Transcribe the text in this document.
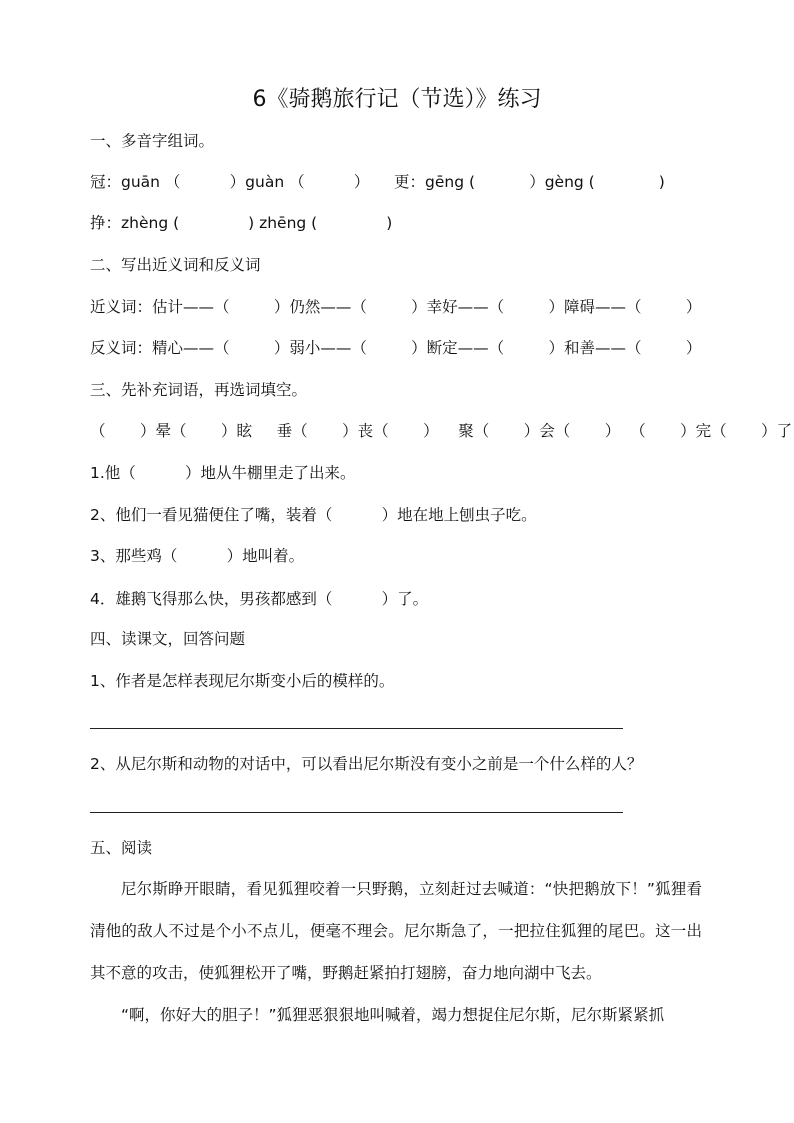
6《骑鹅旅行记（节选）》练习
一、多音字组词。
冠：guān （          ）guàn （          ）     更：gēng (           ）gèng (             )
挣：zhèng (              ) zhēng (              )
二、写出近义词和反义词
近义词：估计——（         ）仍然——（         ）幸好——（         ）障碍——（         ）
反义词：精心——（         ）弱小——（         ）断定——（         ）和善——（         ）
三、先补充词语，再选词填空。
（       ）晕（       ）眩     垂（       ）丧（       ）    聚（       ）会（       ）  （       ）完（       ）了
1.他（          ）地从牛棚里走了出来。
2、他们一看见猫便住了嘴，装着（          ）地在地上刨虫子吃。
3、那些鸡（          ）地叫着。
4．雄鹅飞得那么快，男孩都感到（          ）了。
四、读课文，回答问题
1、作者是怎样表现尼尔斯变小后的模样的。
2、从尼尔斯和动物的对话中，可以看出尼尔斯没有变小之前是一个什么样的人？
五、阅读

尼尔斯睁开眼睛，看见狐狸咬着一只野鹅，立刻赶过去喊道：“快把鹅放下！”狐狸看清他的敌人不过是个小不点儿，便毫不理会。尼尔斯急了，一把拉住狐狸的尾巴。这一出其不意的攻击，使狐狸松开了嘴，野鹅赶紧拍打翅膀，奋力地向湖中飞去。

“啊，你好大的胆子！”狐狸恶狠狠地叫喊着，竭力想捉住尼尔斯，尼尔斯紧紧抓
